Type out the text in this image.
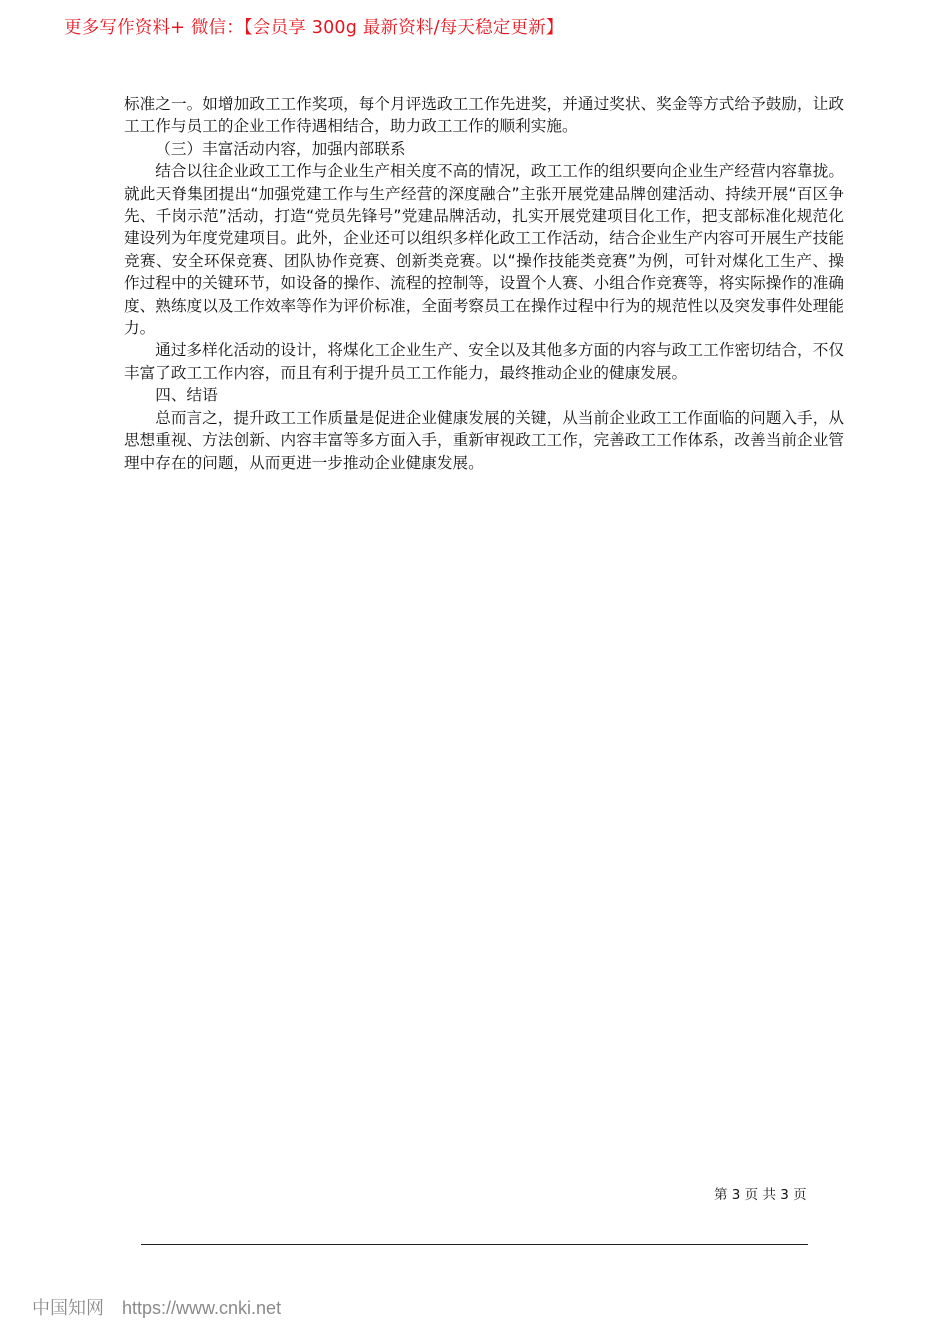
更多写作资料+ 微信：【会员享 300g 最新资料/每天稳定更新】

标准之一。如增加政工工作奖项，每个月评选政工工作先进奖，并通过奖状、奖金等方式给予鼓励，让政工工作与员工的企业工作待遇相结合，助力政工工作的顺利实施。

（三）丰富活动内容，加强内部联系

结合以往企业政工工作与企业生产相关度不高的情况，政工工作的组织要向企业生产经营内容靠拢。就此天脊集团提出“加强党建工作与生产经营的深度融合”主张开展党建品牌创建活动、持续开展“百区争先、千岗示范”活动，打造“党员先锋号”党建品牌活动，扎实开展党建项目化工作，把支部标准化规范化建设列为年度党建项目。此外，企业还可以组织多样化政工工作活动，结合企业生产内容可开展生产技能竞赛、安全环保竞赛、团队协作竞赛、创新类竞赛。以“操作技能类竞赛”为例，可针对煤化工生产、操作过程中的关键环节，如设备的操作、流程的控制等，设置个人赛、小组合作竞赛等，将实际操作的准确度、熟练度以及工作效率等作为评价标准，全面考察员工在操作过程中行为的规范性以及突发事件处理能力。

通过多样化活动的设计，将煤化工企业生产、安全以及其他多方面的内容与政工工作密切结合，不仅丰富了政工工作内容，而且有利于提升员工工作能力，最终推动企业的健康发展。

四、结语

总而言之，提升政工工作质量是促进企业健康发展的关键，从当前企业政工工作面临的问题入手，从思想重视、方法创新、内容丰富等多方面入手，重新审视政工工作，完善政工工作体系，改善当前企业管理中存在的问题，从而更进一步推动企业健康发展。

第 3 页 共 3 页
中国知网 https://www.cnki.net
